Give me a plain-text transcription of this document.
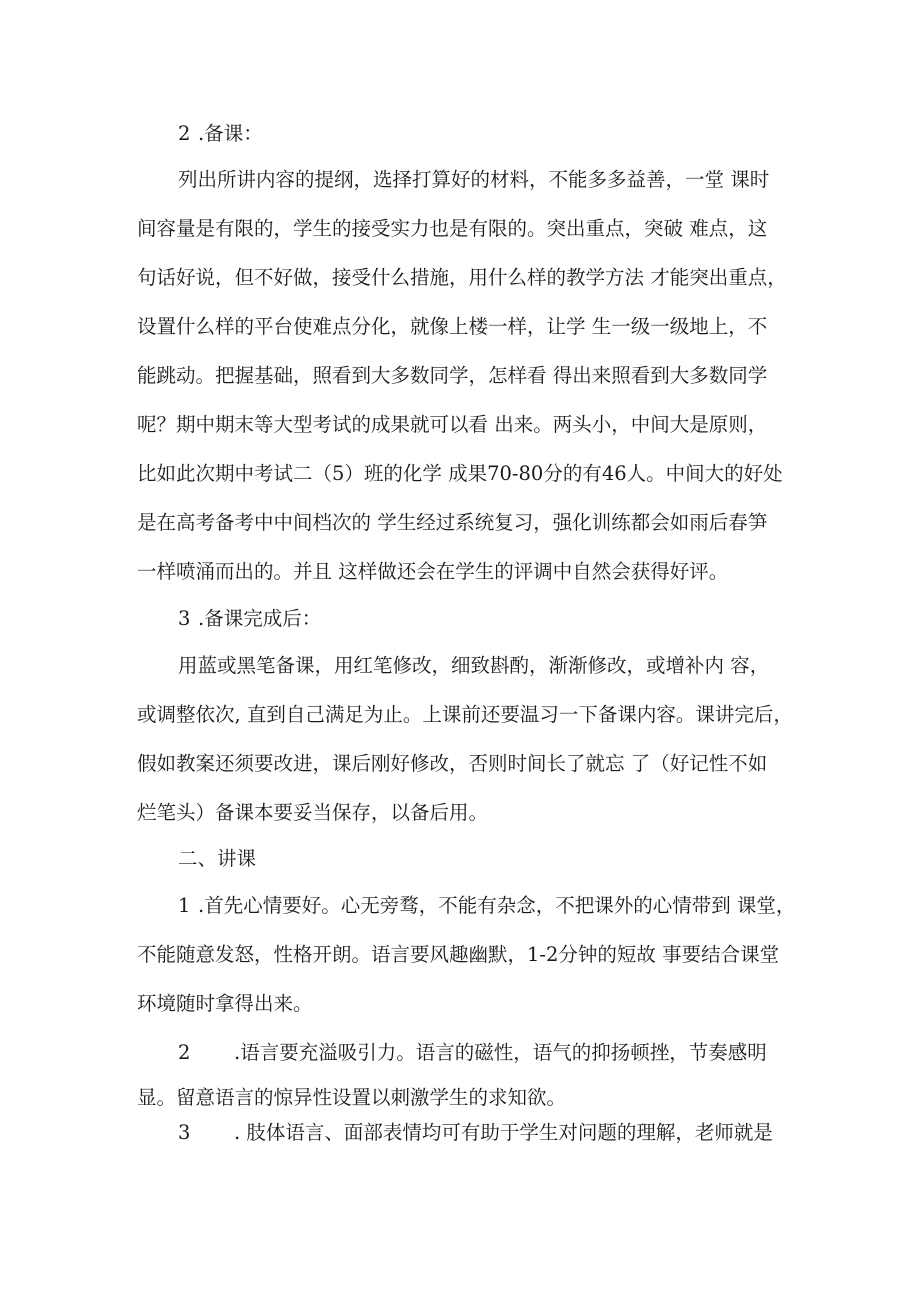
2 .备课：
列出所讲内容的提纲，选择打算好的材料，不能多多益善，一堂 课时
间容量是有限的，学生的接受实力也是有限的。突出重点，突破 难点，这
句话好说，但不好做，接受什么措施，用什么样的教学方法 才能突出重点，
设置什么样的平台使难点分化，就像上楼一样，让学 生一级一级地上，不
能跳动。把握基础，照看到大多数同学，怎样看 得出来照看到大多数同学
呢？期中期末等大型考试的成果就可以看 出来。两头小，中间大是原则，
比如此次期中考试二（5）班的化学 成果70-80分的有46人。中间大的好处
是在高考备考中中间档次的 学生经过系统复习，强化训练都会如雨后春笋
一样喷涌而出的。并且 这样做还会在学生的评调中自然会获得好评。
3 .备课完成后：
用蓝或黑笔备课，用红笔修改，细致斟酌，渐渐修改，或增补内 容，
或调整依次, 直到自己满足为止。上课前还要温习一下备课内容。课讲完后，
假如教案还须要改进，课后刚好修改，否则时间长了就忘 了（好记性不如
烂笔头）备课本要妥当保存，以备后用。
二、讲课
1 .首先心情要好。心无旁骛，不能有杂念，不把课外的心情带到 课堂，
不能随意发怒，性格开朗。语言要风趣幽默，1-2分钟的短故 事要结合课堂
环境随时拿得出来。
2 .语言要充溢吸引力。语言的磁性，语气的抑扬顿挫，节奏感明
显。留意语言的惊异性设置以刺激学生的求知欲。
3 . 肢体语言、面部表情均可有助于学生对问题的理解，老师就是
